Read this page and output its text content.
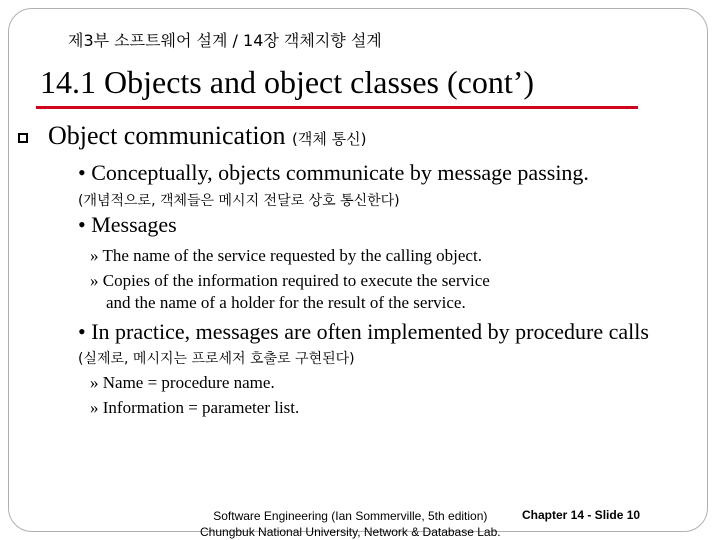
제3부 소프트웨어 설계 / 14장 객체지향 설계
14.1 Objects and object classes (cont’)
Object communication (객체 통신)
• Conceptually, objects communicate by message passing.
(개념적으로, 객체들은 메시지 전달로 상호 통신한다)
• Messages
» The name of the service requested by the calling object.
» Copies of the information required to execute the service
and the name of a holder for the result of the service.
• In practice, messages are often implemented by procedure calls
(실제로, 메시지는 프로세저 호출로 구현된다)
» Name = procedure name.
» Information = parameter list.
Software Engineering (Ian Sommerville, 5th edition)
Chungbuk National University, Network & Database Lab.
Chapter 14 - Slide 10
